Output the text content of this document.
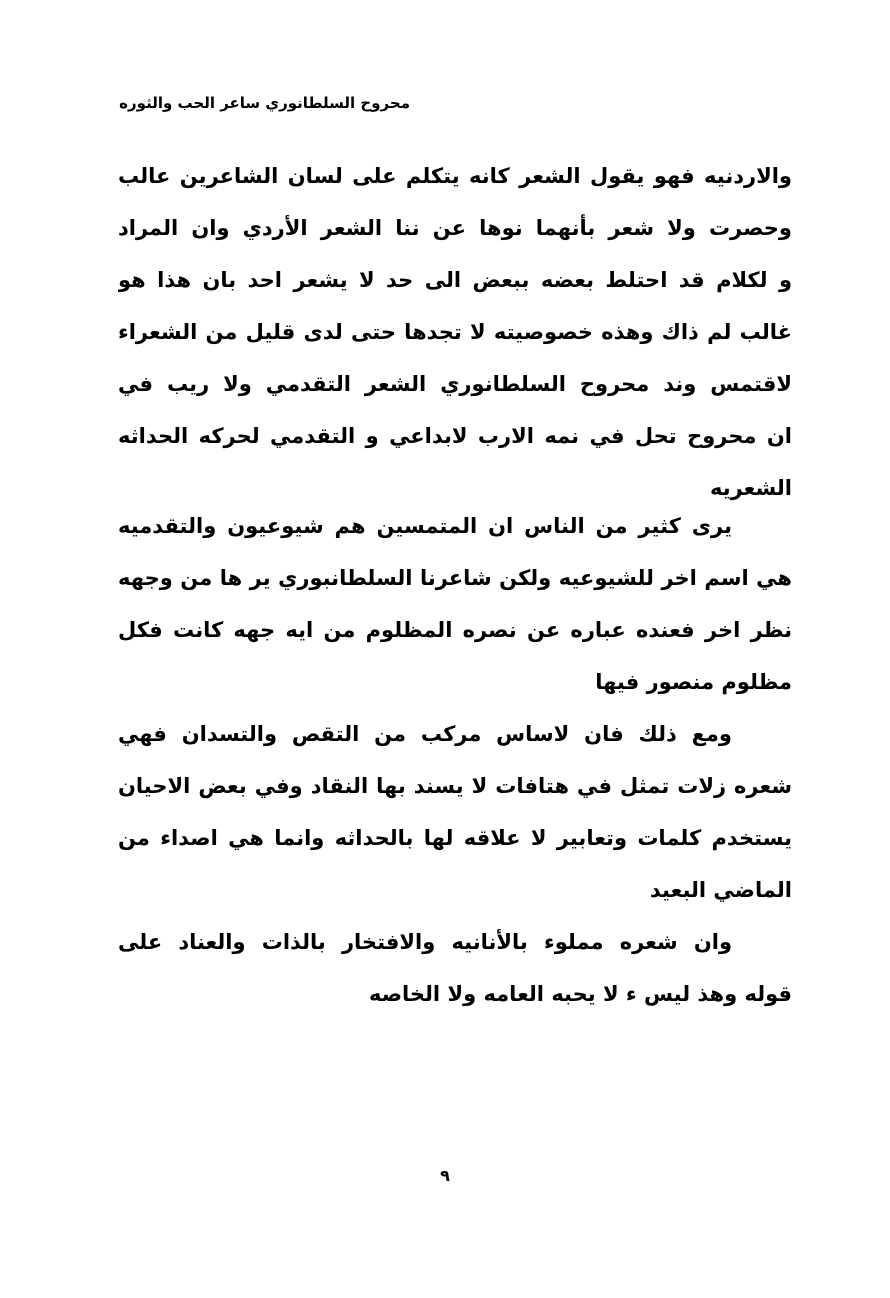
محروح السلطانوري ساعر الحب والثوره
والاردنيه فهو يقول الشعر كانه يتكلم على لسان الشاعرين عالب
وحصرت ولا شعر بأنهما نوها عن ننا الشعر الأردي وان المراد
و لكلام قد احتلط بعضه ببعض الى حد لا يشعر احد بان هذا هو
غالب لم ذاك وهذه خصوصيته لا تجدها حتى لدى قليل من الشعراء
لاقتمس وند محروح السلطانوري الشعر التقدمي ولا ريب في
ان محروح تحل في نمه الارب لابداعي و التقدمي لحركه الحداثه
الشعريه
يرى كثير من الناس ان المتمسين هم شيوعيون والتقدميه
هي اسم اخر للشيوعيه ولكن شاعرنا السلطانبوري ير ها من وجهه
نظر اخر فعنده عباره عن نصره المظلوم من ايه جهه كانت فكل
مظلوم منصور فيها
ومع ذلك فان لاساس مركب من التقص والتسدان فهي
شعره زلات تمثل في هتافات لا يسند بها النقاد وفي بعض الاحيان
يستخدم كلمات وتعابير لا علاقه لها بالحداثه وانما هي اصداء من
الماضي البعيد
وان شعره مملوء بالأنانيه والافتخار بالذات والعناد على
قوله وهذ ليس ء لا يحبه العامه ولا الخاصه
٩
